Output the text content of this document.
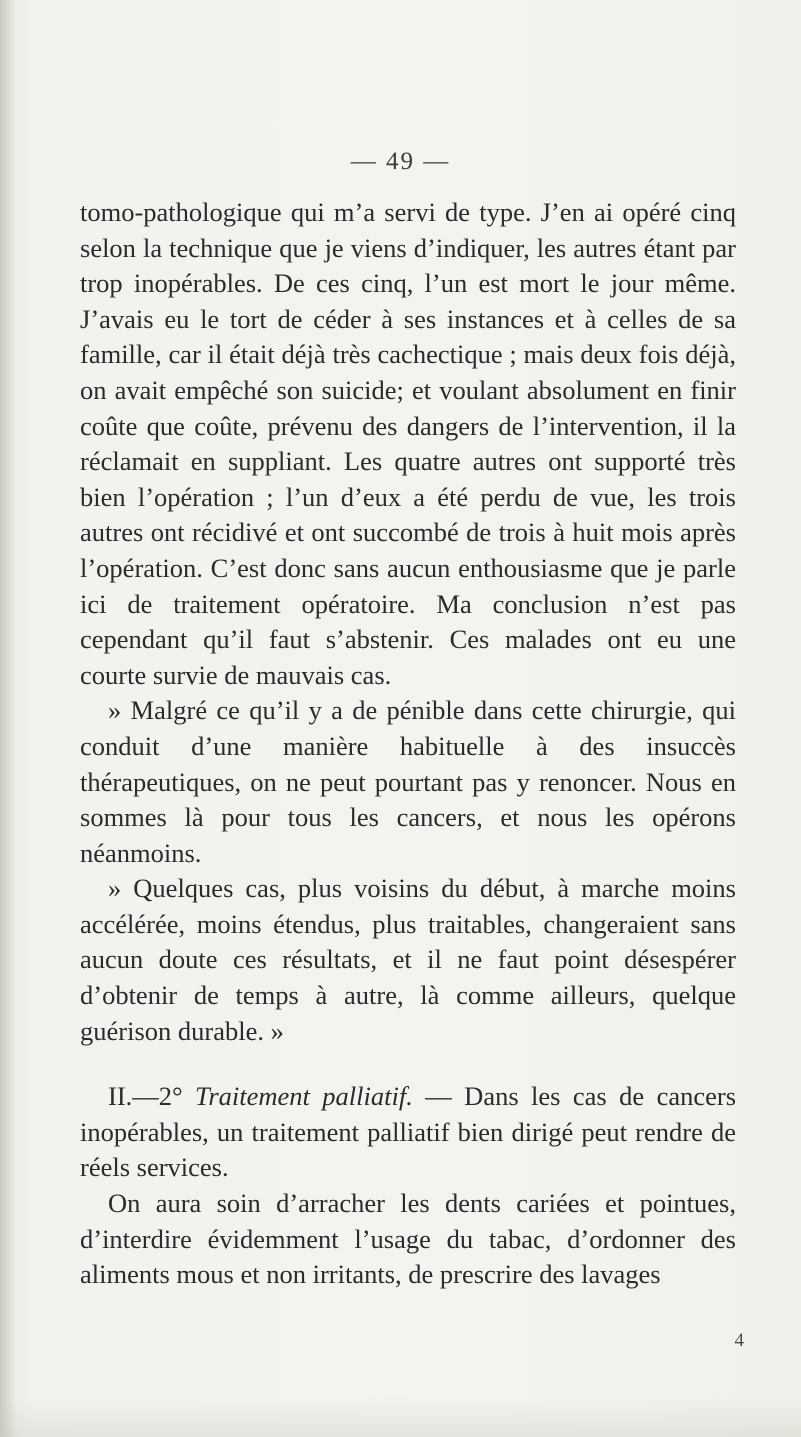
— 49 —

tomo-pathologique qui m’a servi de type. J’en ai opéré cinq selon la technique que je viens d’indiquer, les autres étant par trop inopérables. De ces cinq, l’un est mort le jour même. J’avais eu le tort de céder à ses instances et à celles de sa famille, car il était déjà très cachectique ; mais deux fois déjà, on avait empêché son suicide; et voulant absolument en finir coûte que coûte, prévenu des dangers de l’intervention, il la réclamait en suppliant. Les quatre autres ont supporté très bien l’opération ; l’un d’eux a été perdu de vue, les trois autres ont récidivé et ont succombé de trois à huit mois après l’opération. C’est donc sans aucun enthousiasme que je parle ici de traitement opératoire. Ma conclusion n’est pas cependant qu’il faut s’abstenir. Ces malades ont eu une courte survie de mauvais cas.

» Malgré ce qu’il y a de pénible dans cette chirurgie, qui conduit d’une manière habituelle à des insuccès thérapeutiques, on ne peut pourtant pas y renoncer. Nous en sommes là pour tous les cancers, et nous les opérons néanmoins.

» Quelques cas, plus voisins du début, à marche moins accélérée, moins étendus, plus traitables, changeraient sans aucun doute ces résultats, et il ne faut point désespérer d’obtenir de temps à autre, là comme ailleurs, quelque guérison durable. »

II.—2° Traitement palliatif. — Dans les cas de cancers inopérables, un traitement palliatif bien dirigé peut rendre de réels services.

On aura soin d’arracher les dents cariées et pointues, d’interdire évidemment l’usage du tabac, d’ordonner des aliments mous et non irritants, de prescrire des lavages

4
